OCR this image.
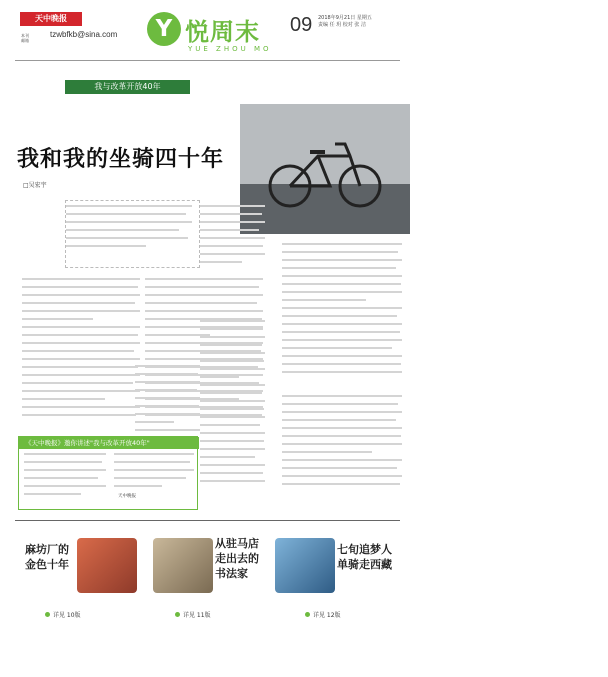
天中晚报
本刊
邮箱
tzwbfkb@sina.com	Y 悦周末
YUE ZHOU MO
09 2018年9月21日 星期五
责编 任 玥 校对 张 洁
我与改革开放40年
我和我的坐骑四十年
□吴宏宇
资料图片
《天中晚报》邀你讲述"我与改革开放40年"
天中晚报
麻坊厂的
金色十年
详见 10版
从驻马店
走出去的
书法家
详见 11版
七旬追梦人
单骑走西藏
详见 12版
